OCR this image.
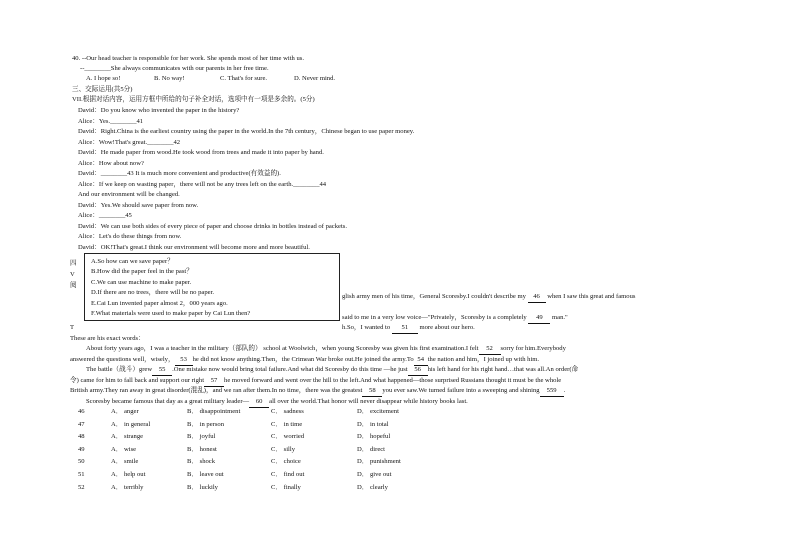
40. --Our head teacher is responsible for her work. She spends most of her time with us.
--________She always communicates with our parents in her free time.
A. I hope so!	B. No way!	C. That's for sure.	D. Never mind.
三、交际运用(共5分)
VII.根据对话内容，运用方框中所给的句子补全对话，选项中有一项是多余的。(5分)
David：Do you know who invented the paper in the history?
Alice：Yes.________41
David：Right.China is the earliest country using the paper in the world.In the 7th century，Chinese began to use paper money.
Alice：Wow!That's great.________42
David：He made paper from wood.He took wood from trees and made it into paper by hand.
Alice：How about now?
David：________43 It is much more convenient and productive(有效益的).
Alice：If we keep on wasting paper，there will not be any trees left on the earth.________44
And our environment will be changed.
David：Yes.We should save paper from now.
Alice：________45
David：We can use both sides of every piece of paper and choose drinks in bottles instead of packets.
Alice：Let's do these things from now.
David：OK!That's great.I think our environment will become more and more beautiful.
四
V
阅
T
A.So how can we save paper？
B.How did the paper feel in the past？
C.We can use machine to make paper.
D.If there are no trees，there will be no paper.
E.Cai Lun invented paper almost 2，000 years ago.
F.What materials were used to make paper by Cai Lun then?
glish army men of his time，General Scoresby.I couldn't describe my 46 when I saw this great and famous
said to me in a very low voice—"Privately，Scoresby is a completely 49 man."
h.So，I wanted to 51 more about our hero.
These are his exact words：
About forty years ago，I was a teacher in the military（部队的） school at Woolwich，when young Scoresby was given his first examination.I felt 52 sorry for him.Everybody
answered the questions well，wisely， 53 he did not know anything.Then，the Crimean War broke out.He joined the army.To 54 the nation and him，I joined up with him.
The battle（战斗）grew 55 .One mistake now would bring total failure.And what did Scoresby do this time —he just 56 his left hand for his right hand…that was all.An order(命
令) came for him to fall back and support our right 57 he moved forward and went over the hill to the left.And what happened—those surprised Russians thought it must be the whole
British army.They ran away in great disorder(混乱)，and we ran after them.In no time，there was the greatest 58 you ever saw.We turned failure into a sweeping and shining 559 .
Scoresby became famous that day as a great military leader— 60 all over the world.That honor will never disappear while history books last.
46	A． anger	B． disappointment	C． sadness	D． excitement
47	A． in general	B． in person	C． in time	D． in total
48	A． strange	B． joyful	C． worried	D． hopeful
49	A． wise	B． honest	C． silly	D． direct
50	A． smile	B． shock	C． choice	D． punishment
51	A． help out	B． leave out	C． find out	D． give out
52	A． terribly	B． luckily	C． finally	D． clearly
